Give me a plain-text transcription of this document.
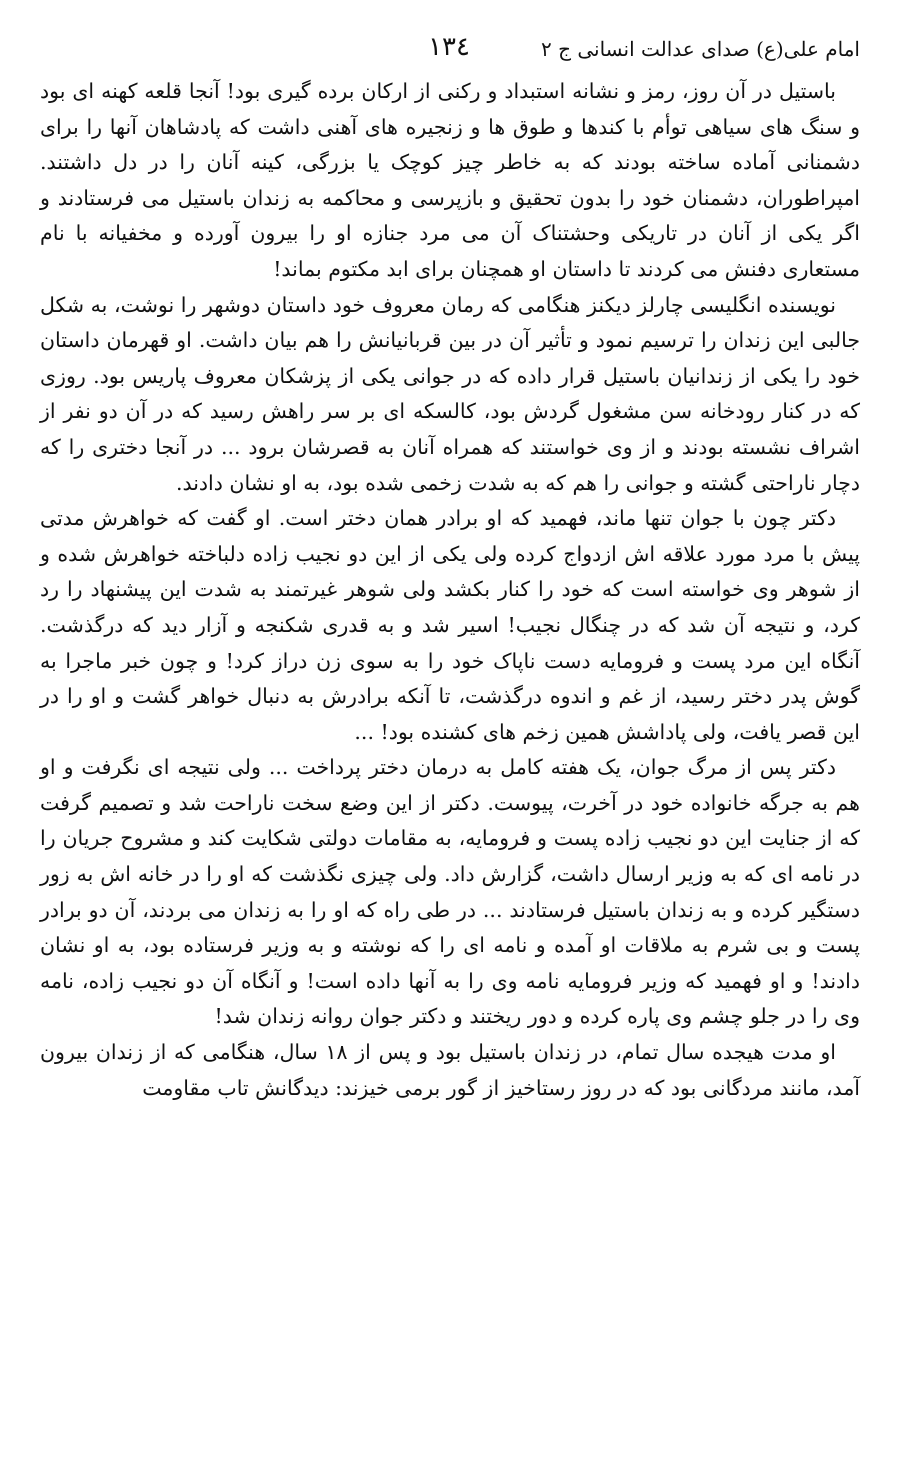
امام علی(ع) صدای عدالت انسانی ج ۲
۱۳٤

باستیل در آن روز، رمز و نشانه استبداد و رکنی از ارکان برده گیری بود! آنجا قلعه کهنه ای بود و سنگ های سیاهی توأم با کندها و طوق ها و زنجیره های آهنی داشت که پادشاهان آنها را برای دشمنانی آماده ساخته بودند که به خاطر چیز کوچک یا بزرگی، کینه آنان را در دل داشتند. امپراطوران، دشمنان خود را بدون تحقیق و بازپرسی و محاکمه به زندان باستیل می فرستادند و اگر یکی از آنان در تاریکی وحشتناک آن می مرد جنازه او را بیرون آورده و مخفیانه با نام مستعاری دفنش می کردند تا داستان او همچنان برای ابد مکتوم بماند!

نویسنده انگلیسی چارلز دیکنز هنگامی که رمان معروف خود داستان دوشهر را نوشت، به شکل جالبی این زندان را ترسیم نمود و تأثیر آن در بین قربانیانش را هم بیان داشت. او قهرمان داستان خود را یکی از زندانیان باستیل قرار داده که در جوانی یکی از پزشکان معروف پاریس بود. روزی که در کنار رودخانه سن مشغول گردش بود، کالسکه ای بر سر راهش رسید که در آن دو نفر از اشراف نشسته بودند و از وی خواستند که همراه آنان به قصرشان برود ... در آنجا دختری را که دچار ناراحتی گشته و جوانی را هم که به شدت زخمی شده بود، به او نشان دادند.

دکتر چون با جوان تنها ماند، فهمید که او برادر همان دختر است. او گفت که خواهرش مدتی پیش با مرد مورد علاقه اش ازدواج کرده ولی یکی از این دو نجیب زاده دلباخته خواهرش شده و از شوهر وی خواسته است که خود را کنار بکشد ولی شوهر غیرتمند به شدت این پیشنهاد را رد کرد، و نتیجه آن شد که در چنگال نجیب! اسیر شد و به قدری شکنجه و آزار دید که درگذشت. آنگاه این مرد پست و فرومایه دست ناپاک خود را به سوی زن دراز کرد! و چون خبر ماجرا به گوش پدر دختر رسید، از غم و اندوه درگذشت، تا آنکه برادرش به دنبال خواهر گشت و او را در این قصر یافت، ولی پاداشش همین زخم های کشنده بود! ...

دکتر پس از مرگ جوان، یک هفته کامل به درمان دختر پرداخت ... ولی نتیجه ای نگرفت و او هم به جرگه خانواده خود در آخرت، پیوست. دکتر از این وضع سخت ناراحت شد و تصمیم گرفت که از جنایت این دو نجیب زاده پست و فرومایه، به مقامات دولتی شکایت کند و مشروح جریان را در نامه ای که به وزیر ارسال داشت، گزارش داد. ولی چیزی نگذشت که او را در خانه اش به زور دستگیر کرده و به زندان باستیل فرستادند ... در طی راه که او را به زندان می بردند، آن دو برادر پست و بی شرم به ملاقات او آمده و نامه ای را که نوشته و به وزیر فرستاده بود، به او نشان دادند! و او فهمید که وزیر فرومایه نامه وی را به آنها داده است! و آنگاه آن دو نجیب زاده، نامه وی را در جلو چشم وی پاره کرده و دور ریختند و دکتر جوان روانه زندان شد!

او مدت هیجده سال تمام، در زندان باستیل بود و پس از ۱۸ سال، هنگامی که از زندان بیرون آمد، مانند مردگانی بود که در روز رستاخیز از گور برمی خیزند: دیدگانش تاب مقاومت
